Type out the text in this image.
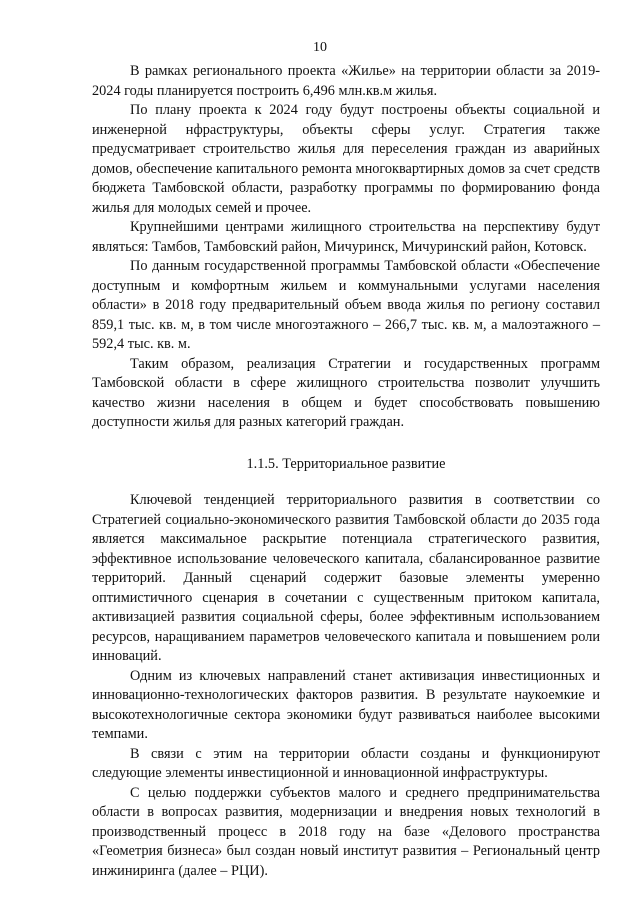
10

В рамках регионального проекта «Жилье» на территории области за 2019-2024 годы планируется построить 6,496 млн.кв.м жилья.

По плану проекта к 2024 году будут построены объекты социальной и инженерной нфраструктуры, объекты сферы услуг. Стратегия также предусматривает строительство жилья для переселения граждан из аварийных домов, обеспечение капитального ремонта многоквартирных домов за счет средств бюджета Тамбовской области, разработку программы по формированию фонда жилья для молодых семей и прочее.

Крупнейшими центрами жилищного строительства на перспективу будут являться: Тамбов, Тамбовский район, Мичуринск, Мичуринский район, Котовск.

По данным государственной программы Тамбовской области «Обеспечение доступным и комфортным жильем и коммунальными услугами населения области» в 2018 году предварительный объем ввода жилья по региону составил 859,1 тыс. кв. м, в том числе многоэтажного – 266,7 тыс. кв. м, а малоэтажного – 592,4 тыс. кв. м.

Таким образом, реализация Стратегии и государственных программ Тамбовской области в сфере жилищного строительства позволит улучшить качество жизни населения в общем и будет способствовать повышению доступности жилья для разных категорий граждан.

1.1.5. Территориальное развитие

Ключевой тенденцией территориального развития в соответствии со Стратегией социально-экономического развития Тамбовской области до 2035 года является максимальное раскрытие потенциала стратегического развития, эффективное использование человеческого капитала, сбалансированное развитие территорий. Данный сценарий содержит базовые элементы умеренно оптимистичного сценария в сочетании с существенным притоком капитала, активизацией развития социальной сферы, более эффективным использованием ресурсов, наращиванием параметров человеческого капитала и повышением роли инноваций.

Одним из ключевых направлений станет активизация инвестиционных и инновационно-технологических факторов развития. В результате наукоемкие и высокотехнологичные сектора экономики будут развиваться наиболее высокими темпами.

В связи с этим на территории области созданы и функционируют следующие элементы инвестиционной и инновационной инфраструктуры.

С целью поддержки субъектов малого и среднего предпринимательства области в вопросах развития, модернизации и внедрения новых технологий в производственный процесс в 2018 году на базе «Делового пространства «Геометрия бизнеса» был создан новый институт развития – Региональный центр инжиниринга (далее – РЦИ).
